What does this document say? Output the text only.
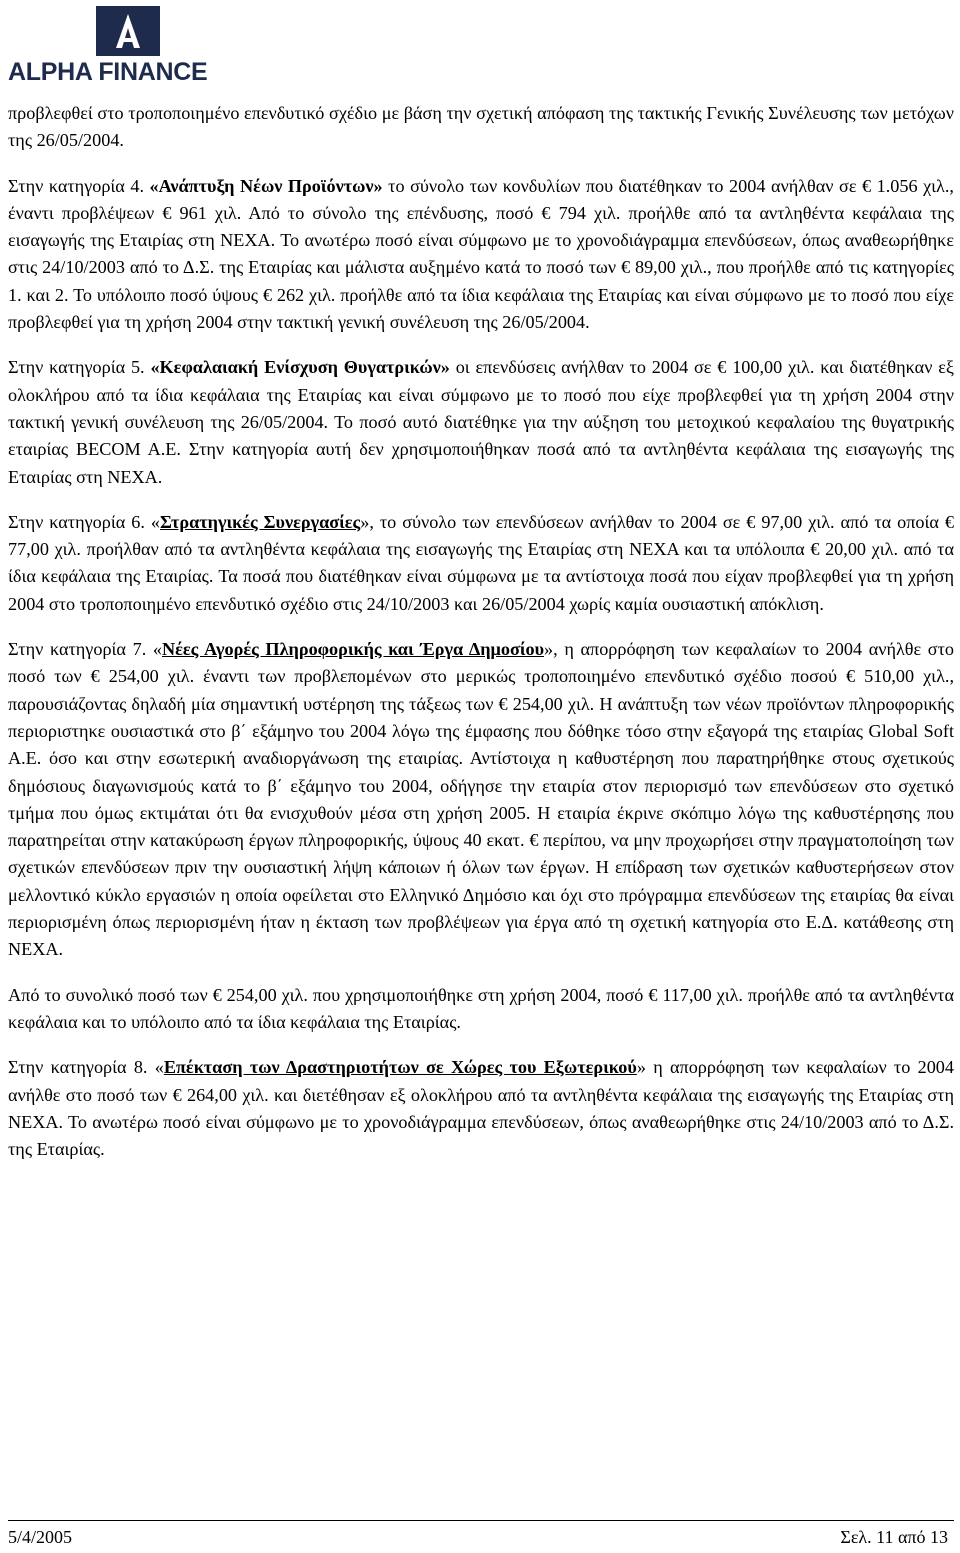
ALPHA FINANCE

προβλεφθεί στο τροποποιημένο επενδυτικό σχέδιο με βάση την σχετική απόφαση της τακτικής Γενικής Συνέλευσης των μετόχων της 26/05/2004.

Στην κατηγορία 4. «Ανάπτυξη Νέων Προϊόντων» το σύνολο των κονδυλίων που διατέθηκαν το 2004 ανήλθαν σε € 1.056 χιλ., έναντι προβλέψεων € 961 χιλ. Από το σύνολο της επένδυσης, ποσό € 794 χιλ. προήλθε από τα αντληθέντα κεφάλαια της εισαγωγής της Εταιρίας στη ΝΕΧΑ. Το ανωτέρω ποσό είναι σύμφωνο με το χρονοδιάγραμμα επενδύσεων, όπως αναθεωρήθηκε στις 24/10/2003 από το Δ.Σ. της Εταιρίας και μάλιστα αυξημένο κατά το ποσό των € 89,00 χιλ., που προήλθε από τις κατηγορίες 1. και 2. Το υπόλοιπο ποσό ύψους € 262 χιλ. προήλθε από τα ίδια κεφάλαια της Εταιρίας και είναι σύμφωνο με το ποσό που είχε προβλεφθεί για τη χρήση 2004 στην τακτική γενική συνέλευση της 26/05/2004.

Στην κατηγορία 5. «Κεφαλαιακή Ενίσχυση Θυγατρικών» οι επενδύσεις ανήλθαν το 2004 σε € 100,00 χιλ. και διατέθηκαν εξ ολοκλήρου από τα ίδια κεφάλαια της Εταιρίας και είναι σύμφωνο με το ποσό που είχε προβλεφθεί για τη χρήση 2004 στην τακτική γενική συνέλευση της 26/05/2004. Το ποσό αυτό διατέθηκε για την αύξηση του μετοχικού κεφαλαίου της θυγατρικής εταιρίας BECOM A.E. Στην κατηγορία αυτή δεν χρησιμοποιήθηκαν ποσά από τα αντληθέντα κεφάλαια της εισαγωγής της Εταιρίας στη ΝΕΧΑ.

Στην κατηγορία 6. «Στρατηγικές Συνεργασίες», το σύνολο των επενδύσεων ανήλθαν το 2004 σε € 97,00 χιλ. από τα οποία € 77,00 χιλ. προήλθαν από τα αντληθέντα κεφάλαια της εισαγωγής της Εταιρίας στη ΝΕΧΑ και τα υπόλοιπα € 20,00 χιλ. από τα ίδια κεφάλαια της Εταιρίας. Τα ποσά που διατέθηκαν είναι σύμφωνα με τα αντίστοιχα ποσά που είχαν προβλεφθεί για τη χρήση 2004 στο τροποποιημένο επενδυτικό σχέδιο στις 24/10/2003 και 26/05/2004 χωρίς καμία ουσιαστική απόκλιση.

Στην κατηγορία 7. «Νέες Αγορές Πληροφορικής και Έργα Δημοσίου», η απορρόφηση των κεφαλαίων το 2004 ανήλθε στο ποσό των € 254,00 χιλ. έναντι των προβλεπομένων στο μερικώς τροποποιημένο επενδυτικό σχέδιο ποσού € 510,00 χιλ., παρουσιάζοντας δηλαδή μία σημαντική υστέρηση της τάξεως των € 254,00 χιλ. Η ανάπτυξη των νέων προϊόντων πληροφορικής περιοριστηκε ουσιαστικά στο β΄ εξάμηνο του 2004 λόγω της έμφασης που δόθηκε τόσο στην εξαγορά της εταιρίας Global Soft A.E. όσο και στην εσωτερική αναδιοργάνωση της εταιρίας. Αντίστοιχα η καθυστέρηση που παρατηρήθηκε στους σχετικούς δημόσιους διαγωνισμούς κατά το β΄ εξάμηνο του 2004, οδήγησε την εταιρία στον περιορισμό των επενδύσεων στο σχετικό τμήμα που όμως εκτιμάται ότι θα ενισχυθούν μέσα στη χρήση 2005. Η εταιρία έκρινε σκόπιμο λόγω της καθυστέρησης που παρατηρείται στην κατακύρωση έργων πληροφορικής, ύψους 40 εκατ. € περίπου, να μην προχωρήσει στην πραγματοποίηση των σχετικών επενδύσεων πριν την ουσιαστική λήψη κάποιων ή όλων των έργων. Η επίδραση των σχετικών καθυστερήσεων στον μελλοντικό κύκλο εργασιών η οποία οφείλεται στο Ελληνικό Δημόσιο και όχι στο πρόγραμμα επενδύσεων της εταιρίας θα είναι περιορισμένη όπως περιορισμένη ήταν η έκταση των προβλέψεων για έργα από τη σχετική κατηγορία στο Ε.Δ. κατάθεσης στη ΝΕΧΑ.

Από το συνολικό ποσό των € 254,00 χιλ. που χρησιμοποιήθηκε στη χρήση 2004, ποσό € 117,00 χιλ. προήλθε από τα αντληθέντα κεφάλαια και το υπόλοιπο από τα ίδια κεφάλαια της Εταιρίας.

Στην κατηγορία 8. «Επέκταση των Δραστηριοτήτων σε Χώρες του Εξωτερικού» η απορρόφηση των κεφαλαίων το 2004 ανήλθε στο ποσό των € 264,00 χιλ. και διετέθησαν εξ ολοκλήρου από τα αντληθέντα κεφάλαια της εισαγωγής της Εταιρίας στη ΝΕΧΑ. Το ανωτέρω ποσό είναι σύμφωνο με το χρονοδιάγραμμα επενδύσεων, όπως αναθεωρήθηκε στις 24/10/2003 από το Δ.Σ. της Εταιρίας.

5/4/2005	Σελ. 11 από 13
